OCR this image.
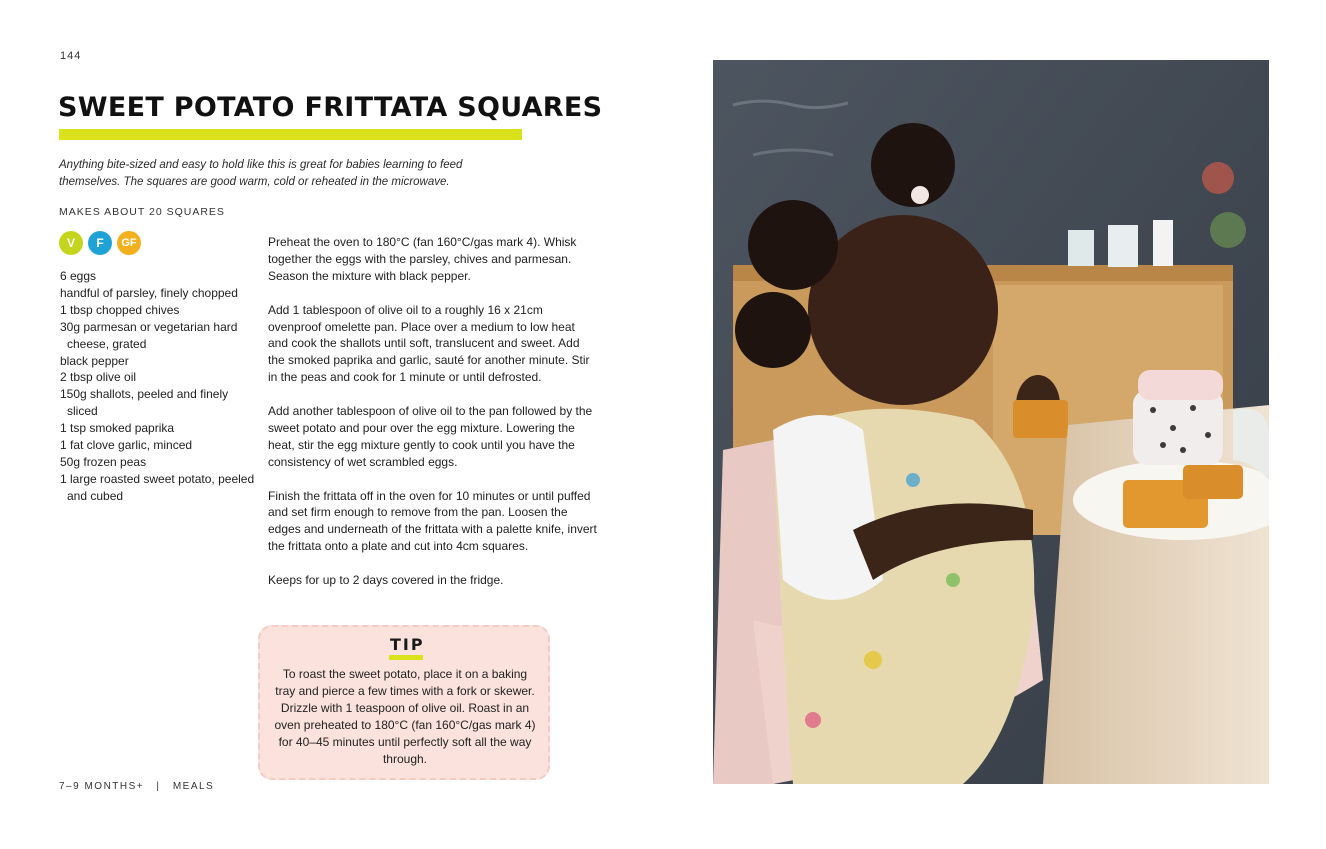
144
SWEET POTATO FRITTATA SQUARES

Anything bite-sized and easy to hold like this is great for babies learning to feed themselves. The squares are good warm, cold or reheated in the microwave.

MAKES ABOUT 20 SQUARES
V	F	GF
6 eggs
handful of parsley, finely chopped
1 tbsp chopped chives
30g parmesan or vegetarian hard cheese, grated
black pepper
2 tbsp olive oil
150g shallots, peeled and finely sliced
1 tsp smoked paprika
1 fat clove garlic, minced
50g frozen peas
1 large roasted sweet potato, peeled and cubed

Preheat the oven to 180°C (fan 160°C/gas mark 4). Whisk together the eggs with the parsley, chives and parmesan. Season the mixture with black pepper.

Add 1 tablespoon of olive oil to a roughly 16 x 21cm ovenproof omelette pan. Place over a medium to low heat and cook the shallots until soft, translucent and sweet. Add the smoked paprika and garlic, sauté for another minute. Stir in the peas and cook for 1 minute or until defrosted.

Add another tablespoon of olive oil to the pan followed by the sweet potato and pour over the egg mixture. Lowering the heat, stir the egg mixture gently to cook until you have the consistency of wet scrambled eggs.

Finish the frittata off in the oven for 10 minutes or until puffed and set firm enough to remove from the pan. Loosen the edges and underneath of the frittata with a palette knife, invert the frittata onto a plate and cut into 4cm squares.

Keeps for up to 2 days covered in the fridge.

TIP

To roast the sweet potato, place it on a baking tray and pierce a few times with a fork or skewer. Drizzle with 1 teaspoon of olive oil. Roast in an oven preheated to 180°C (fan 160°C/gas mark 4) for 40–45 minutes until perfectly soft all the way through.

7–9 MONTHS+ | MEALS
